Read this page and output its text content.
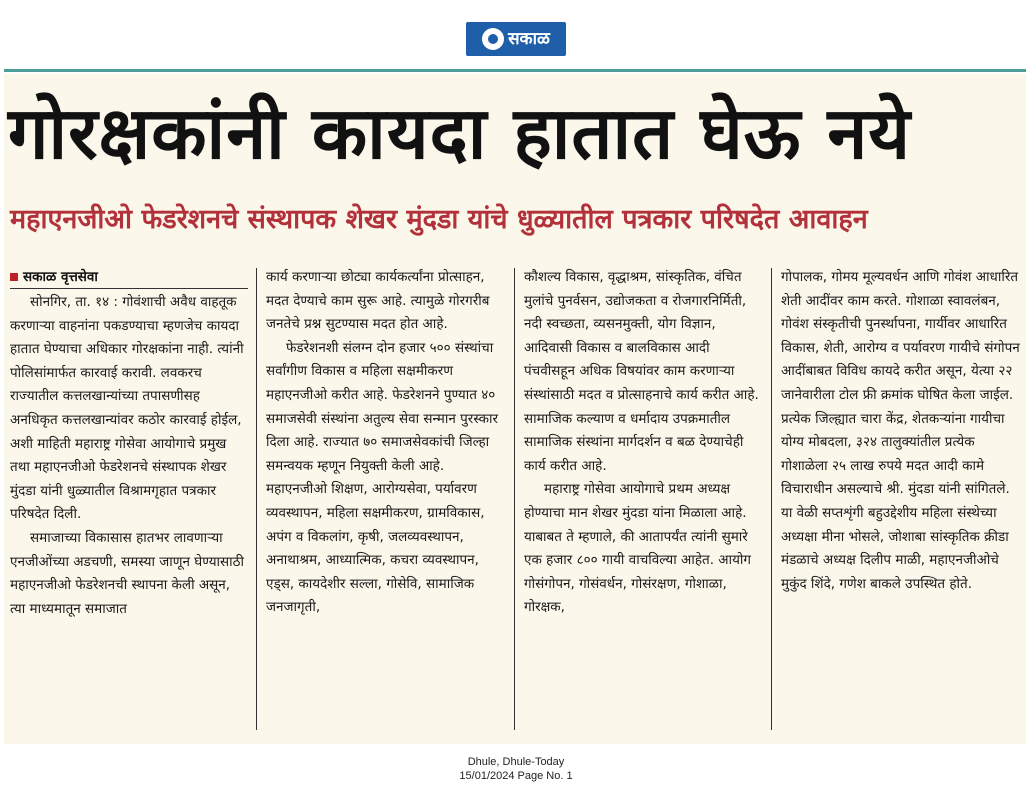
सकाळ
गोरक्षकांनी कायदा हातात घेऊ नये
महाएनजीओ फेडरेशनचे संस्थापक शेखर मुंदडा यांचे धुळ्यातील पत्रकार परिषदेत आवाहन
सकाळ वृत्तसेवा

सोनगिर, ता. १४ : गोवंशाची अवैध वाहतूक करणाऱ्या वाहनांना पकडण्याचा म्हणजेच कायदा हातात घेण्याचा अधिकार गोरक्षकांना नाही. त्यांनी पोलिसांमार्फत कारवाई करावी. लवकरच राज्यातील कत्तलखान्यांच्या तपासणीसह अनधिकृत कत्तलखान्यांवर कठोर कारवाई होईल, अशी माहिती महाराष्ट्र गोसेवा आयोगाचे प्रमुख तथा महाएनजीओ फेडरेशनचे संस्थापक शेखर मुंदडा यांनी धुळ्यातील विश्रामगृहात पत्रकार परिषदेत दिली.

समाजाच्या विकासास हातभर लावणाऱ्या एनजीओंच्या अडचणी, समस्या जाणून घेण्यासाठी महाएनजीओ फेडरेशनची स्थापना केली असून, त्या माध्यमातून समाजात

कार्य करणाऱ्या छोट्या कार्यकर्त्यांना प्रोत्साहन, मदत देण्याचे काम सुरू आहे. त्यामुळे गोरगरीब जनतेचे प्रश्न सुटण्यास मदत होत आहे.

फेडरेशनशी संलग्न दोन हजार ५०० संस्थांचा सर्वांगीण विकास व महिला सक्षमीकरण महाएनजीओ करीत आहे. फेडरेशनने पुण्यात ४० समाजसेवी संस्थांना अतुल्य सेवा सन्मान पुरस्कार दिला आहे. राज्यात ७० समाजसेवकांची जिल्हा समन्वयक म्हणून नियुक्ती केली आहे. महाएनजीओ शिक्षण, आरोग्यसेवा, पर्यावरण व्यवस्थापन, महिला सक्षमीकरण, ग्रामविकास, अपंग व विकलांग, कृषी, जलव्यवस्थापन, अनाथाश्रम, आध्यात्मिक, कचरा व्यवस्थापन, एड्स, कायदेशीर सल्ला, गोसेवि, सामाजिक जनजागृती,

कौशल्य विकास, वृद्धाश्रम, सांस्कृतिक, वंचित मुलांचे पुनर्वसन, उद्योजकता व रोजगारनिर्मिती, नदी स्वच्छता, व्यसनमुक्ती, योग विज्ञान, आदिवासी विकास व बालविकास आदी पंचवीसहून अधिक विषयांवर काम करणाऱ्या संस्थांसाठी मदत व प्रोत्साहनाचे कार्य करीत आहे. सामाजिक कल्याण व धर्मादाय उपक्रमातील सामाजिक संस्थांना मार्गदर्शन व बळ देण्याचेही कार्य करीत आहे.

महाराष्ट्र गोसेवा आयोगाचे प्रथम अध्यक्ष होण्याचा मान शेखर मुंदडा यांना मिळाला आहे. याबाबत ते म्हणाले, की आतापर्यंत त्यांनी सुमारे एक हजार ८०० गायी वाचविल्या आहेत. आयोग गोसंगोपन, गोसंवर्धन, गोसंरक्षण, गोशाळा, गोरक्षक,

गोपालक, गोमय मूल्यवर्धन आणि गोवंश आधारित शेती आदींवर काम करते. गोशाळा स्वावलंबन, गोवंश संस्कृतीची पुनर्स्थापना, गार्यीवर आधारित विकास, शेती, आरोग्य व पर्यावरण गायीचे संगोपन आदींबाबत विविध कायदे करीत असून, येत्या २२ जानेवारीला टोल फ्री क्रमांक घोषित केला जाईल. प्रत्येक जिल्ह्यात चारा केंद्र, शेतकऱ्यांना गायीचा योग्य मोबदला, ३२४ तालुक्यांतील प्रत्येक गोशाळेला २५ लाख रुपये मदत आदी कामे विचाराधीन असल्याचे श्री. मुंदडा यांनी सांगितले. या वेळी सप्तशृंगी बहुउद्देशीय महिला संस्थेच्या अध्यक्षा मीना भोसले, जोशाबा सांस्कृतिक क्रीडा मंडळाचे अध्यक्ष दिलीप माळी, महाएनजीओचे मुकुंद शिंदे, गणेश बाकले उपस्थित होते.

Dhule, Dhule-Today
15/01/2024 Page No. 1
